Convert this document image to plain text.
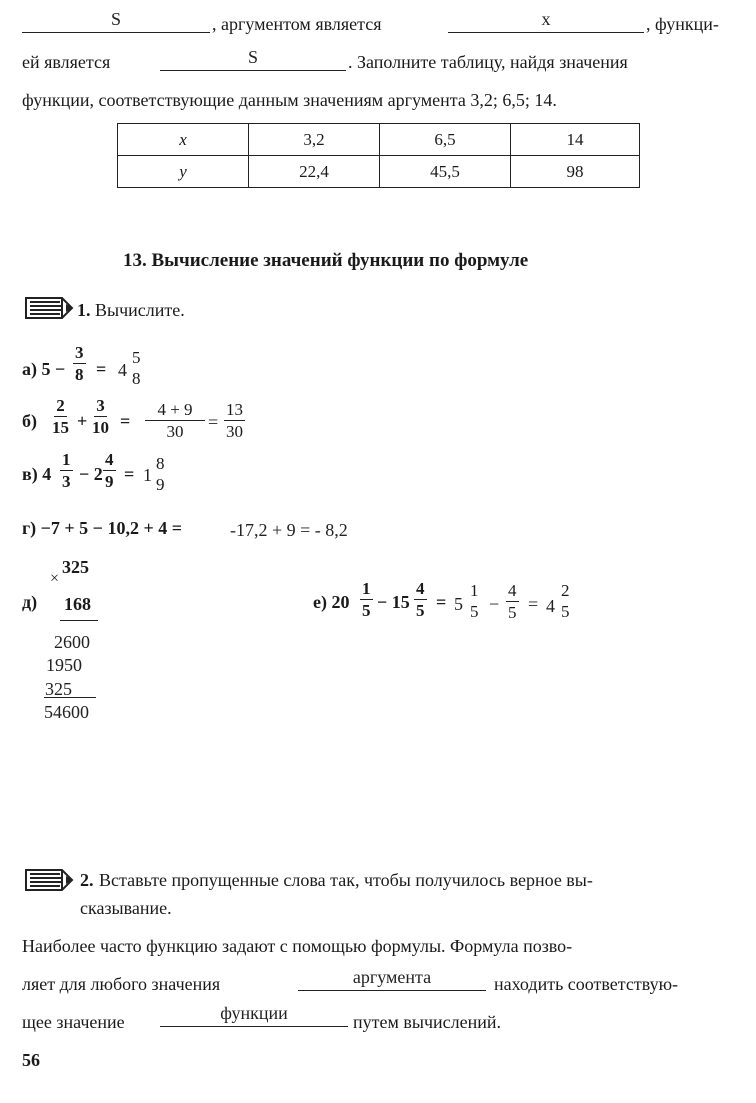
S	, аргументом является	x	, функци-
ей является	S	. Заполните таблицу, найдя значения
функции, соответствующие данным значениям аргумента 3,2; 6,5; 14.
x	3,2	6,5	14
y	22,4	45,5	98
13. Вычисление значений функции по формуле
1. Вычислите.
а) $5 - \frac{3}{8} = 4$
5
8
$б) \frac{2}{15} + \frac{3}{10} = \frac{4 + 9}{30} = \frac{13}{30}$
в) $4 \frac{1}{3} - 2 \frac{4}{9} = 1$
8
9
г) −7 + 5 − 10,2 + 4 =	-17,2 + 9 = - 8,2
×
325
д) 168
2600
1950
325
54600
е) $20 \frac{1}{5} - 15 \frac{4}{5} = 5$
1
$5 - \frac{4}{5} = 4$
2
5
2. Вставьте пропущенные слова так, чтобы получилось верное вы-
сказывание.
Наиболее часто функцию задают с помощью формулы. Формула позво-
ляет для любого значения	аргумента	находить соответствую-
щее значение	функции	путем вычислений.
56
